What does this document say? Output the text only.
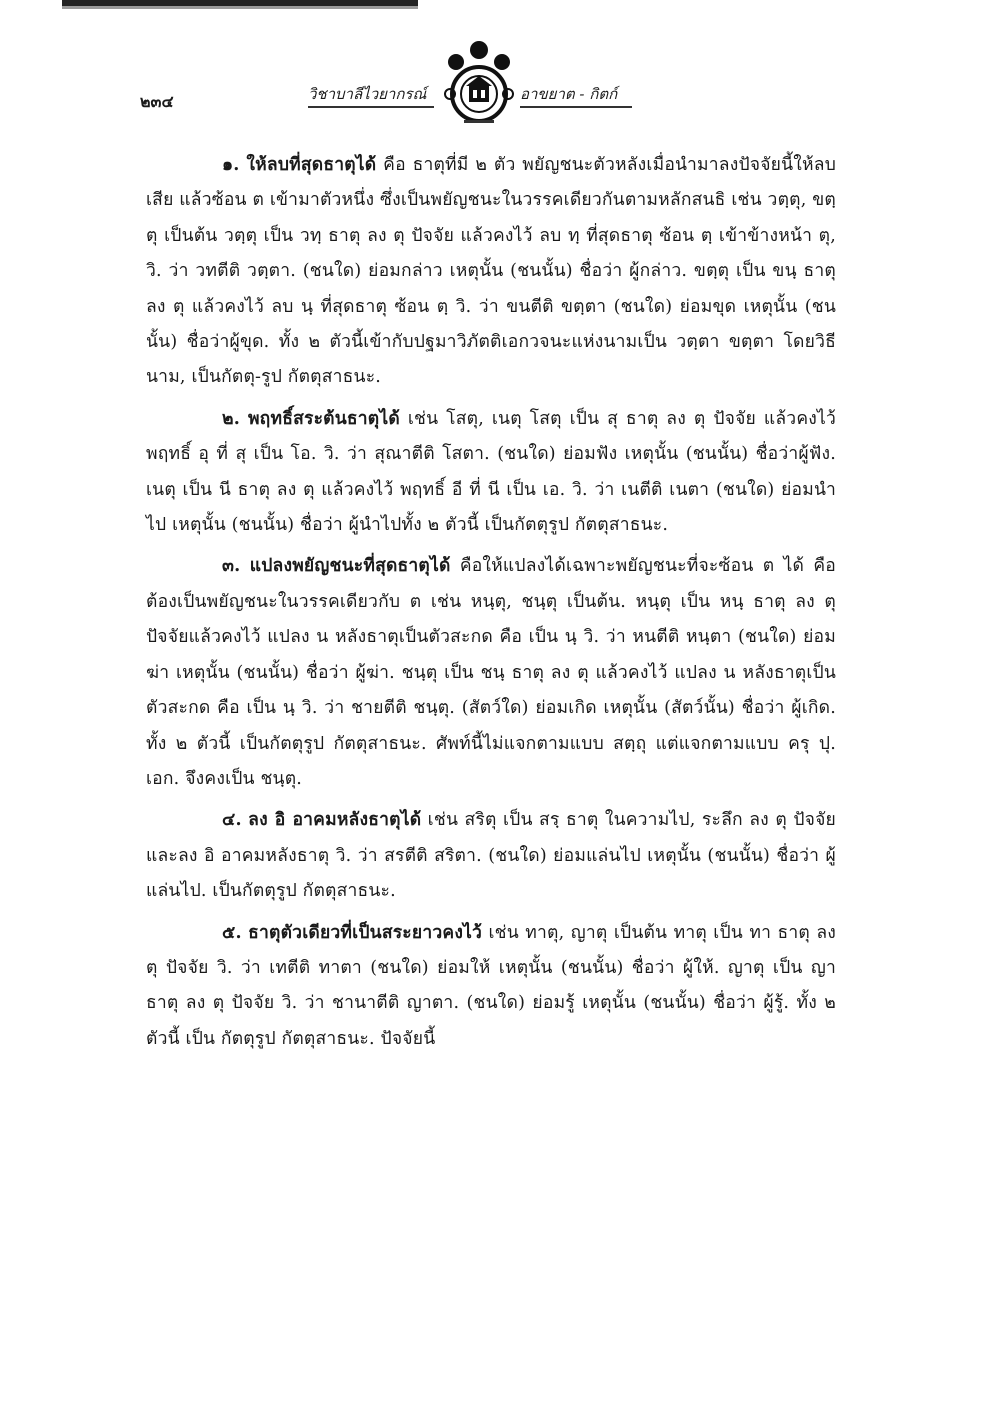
๒๓๔	วิชาบาลีไวยากรณ์	อาขยาต - กิตก์

๑. ให้ลบที่สุดธาตุได้ คือ ธาตุที่มี ๒ ตัว พยัญชนะตัวหลังเมื่อนำมาลงปัจจัยนี้ให้ลบเสีย แล้วซ้อน ต เข้ามาตัวหนึ่ง ซึ่งเป็นพยัญชนะในวรรคเดียวกันตามหลักสนธิ เช่น วตฺตุ, ขตฺตุ เป็นต้น วตฺตุ เป็น วทฺ ธาตุ ลง ตุ ปัจจัย แล้วคงไว้ ลบ ทฺ ที่สุดธาตุ ซ้อน ตฺ เข้าข้างหน้า ตุ, วิ. ว่า วทตีติ วตฺตา. (ชนใด) ย่อมกล่าว เหตุนั้น (ชนนั้น) ชื่อว่า ผู้กล่าว. ขตฺตุ เป็น ขนฺ ธาตุ ลง ตุ แล้วคงไว้ ลบ นฺ ที่สุดธาตุ ซ้อน ตฺ วิ. ว่า ขนตีติ ขตฺตา (ชนใด) ย่อมขุด เหตุนั้น (ชนนั้น) ชื่อว่าผู้ขุด. ทั้ง ๒ ตัวนี้เข้ากับปฐมาวิภัตติเอกวจนะแห่งนามเป็น วตฺตา ขตฺตา โดยวิธีนาม, เป็นกัตตุ-รูป กัตตุสาธนะ.

๒. พฤทธิ์สระต้นธาตุได้ เช่น โสตุ, เนตุ โสตุ เป็น สุ ธาตุ ลง ตุ ปัจจัย แล้วคงไว้ พฤทธิ์ อุ ที่ สุ เป็น โอ. วิ. ว่า สุณาตีติ โสตา. (ชนใด) ย่อมฟัง เหตุนั้น (ชนนั้น) ชื่อว่าผู้ฟัง. เนตุ เป็น นี ธาตุ ลง ตุ แล้วคงไว้ พฤทธิ์ อี ที่ นี เป็น เอ. วิ. ว่า เนตีติ เนตา (ชนใด) ย่อมนำไป เหตุนั้น (ชนนั้น) ชื่อว่า ผู้นำไปทั้ง ๒ ตัวนี้ เป็นกัตตุรูป กัตตุสาธนะ.

๓. แปลงพยัญชนะที่สุดธาตุได้ คือให้แปลงได้เฉพาะพยัญชนะที่จะซ้อน ต ได้ คือ ต้องเป็นพยัญชนะในวรรคเดียวกับ ต เช่น หนฺตุ, ชนฺตุ เป็นต้น. หนฺตุ เป็น หนฺ ธาตุ ลง ตุ ปัจจัยแล้วคงไว้ แปลง น หลังธาตุเป็นตัวสะกด คือ เป็น นฺ วิ. ว่า หนตีติ หนฺตา (ชนใด) ย่อมฆ่า เหตุนั้น (ชนนั้น) ชื่อว่า ผู้ฆ่า. ชนฺตุ เป็น ชนฺ ธาตุ ลง ตุ แล้วคงไว้ แปลง น หลังธาตุเป็นตัวสะกด คือ เป็น นฺ วิ. ว่า ชายตีติ ชนฺตุ. (สัตว์ใด) ย่อมเกิด เหตุนั้น (สัตว์นั้น) ชื่อว่า ผู้เกิด. ทั้ง ๒ ตัวนี้ เป็นกัตตุรูป กัตตุสาธนะ. ศัพท์นี้ไม่แจกตามแบบ สตฺถุ แต่แจกตามแบบ ครุ ปุ. เอก. จึงคงเป็น ชนฺตุ.

๔. ลง อิ อาคมหลังธาตุได้ เช่น สริตุ เป็น สรฺ ธาตุ ในความไป, ระลึก ลง ตุ ปัจจัย และลง อิ อาคมหลังธาตุ วิ. ว่า สรตีติ สริตา. (ชนใด) ย่อมแล่นไป เหตุนั้น (ชนนั้น) ชื่อว่า ผู้แล่นไป. เป็นกัตตุรูป กัตตุสาธนะ.

๕. ธาตุตัวเดียวที่เป็นสระยาวคงไว้ เช่น ทาตุ, ญาตุ เป็นต้น ทาตุ เป็น ทา ธาตุ ลง ตุ ปัจจัย วิ. ว่า เทตีติ ทาตา (ชนใด) ย่อมให้ เหตุนั้น (ชนนั้น) ชื่อว่า ผู้ให้. ญาตุ เป็น ญา ธาตุ ลง ตุ ปัจจัย วิ. ว่า ชานาตีติ ญาตา. (ชนใด) ย่อมรู้ เหตุนั้น (ชนนั้น) ชื่อว่า ผู้รู้. ทั้ง ๒ ตัวนี้ เป็น กัตตุรูป กัตตุสาธนะ. ปัจจัยนี้
